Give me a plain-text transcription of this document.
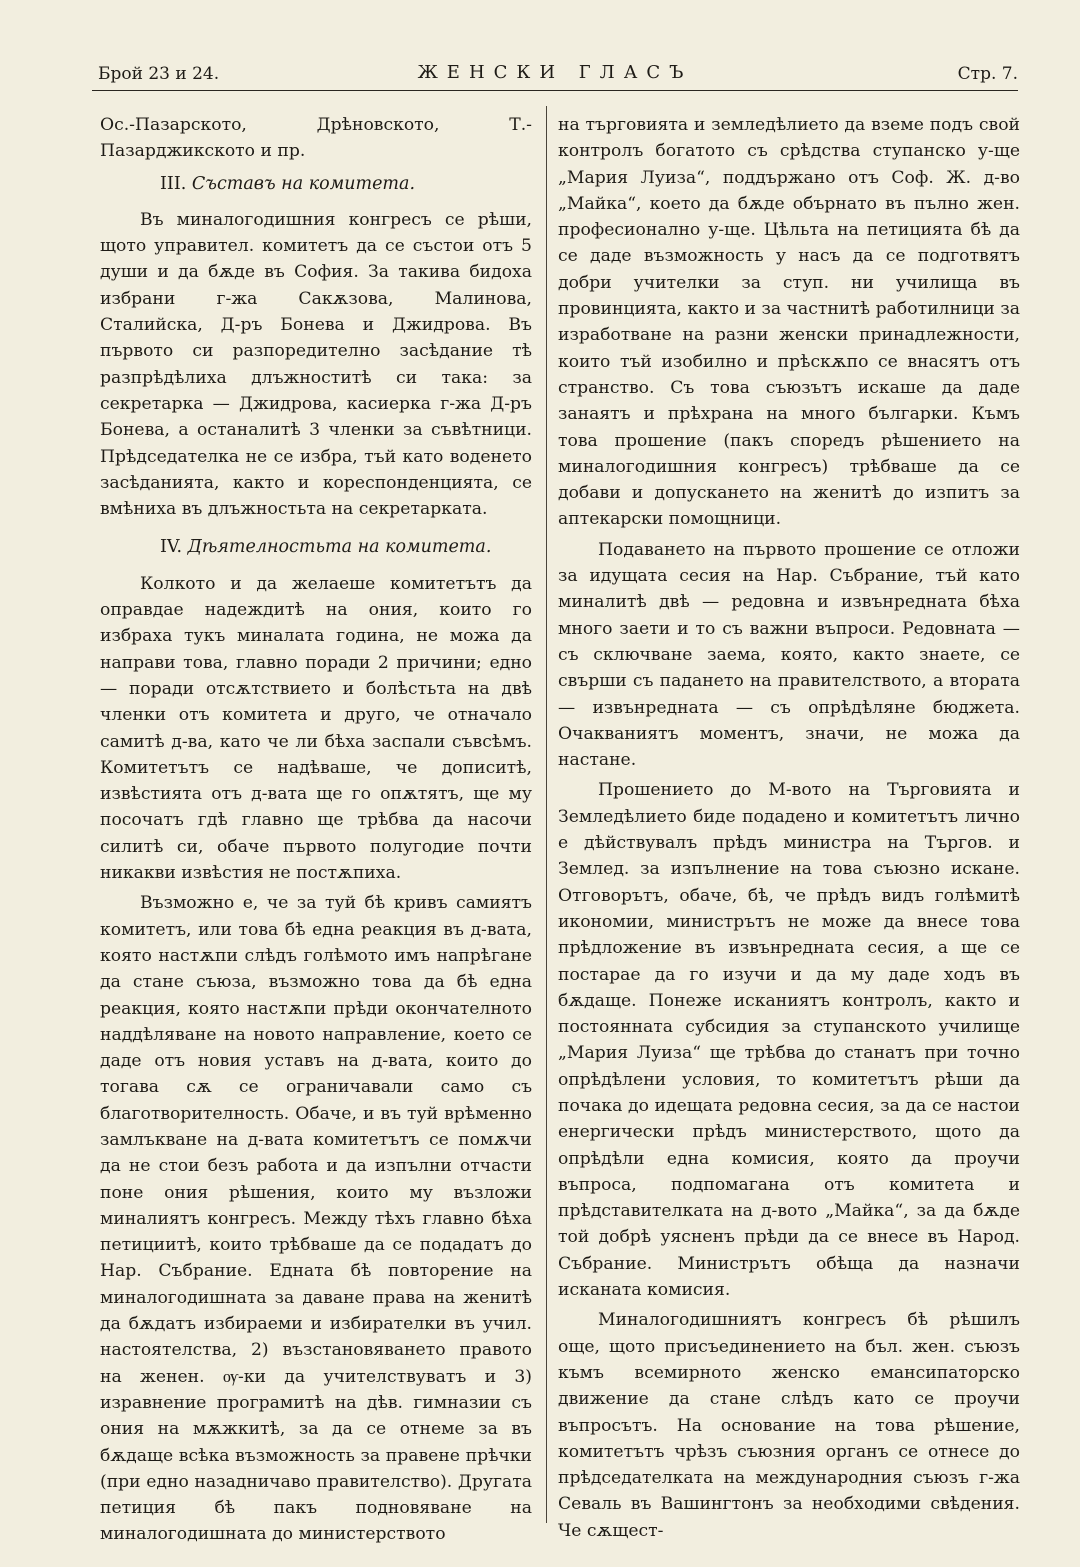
Брой 23 и 24.	ЖЕНСКИ ГЛАСЪ	Стр. 7.

Ос.-Пазарското, Дрѣновското, Т.-Пазарджикското и пр.

III. Съставъ на комитета.

Въ миналогодишния конгресъ се рѣши, щото управител. комитетъ да се състои отъ 5 души и да бѫде въ София. За такива бидоха избрани г-жа Сакѫзова, Малинова, Сталийска, Д-ръ Бонева и Джидрова. Въ първото си разпоредително засѣдание тѣ разпрѣдѣлиха длъжноститѣ си така: за секретарка — Джидрова, касиерка г-жа Д-ръ Бонева, а останалитѣ 3 членки за съвѣтници. Прѣдседателка не се избра, тъй като воденето засѣданията, както и кореспонденцията, се вмѣниха въ длъжностьта на секретарката.

IV. Дѣятелностьта на комитета.

Колкото и да желаеше комитетътъ да оправдае надеждитѣ на ония, които го избраха тукъ миналата година, не можа да направи това, главно поради 2 причини; едно — поради отсѫтствието и болѣстьта на двѣ членки отъ комитета и друго, че отначало самитѣ д-ва, като че ли бѣха заспали съвсѣмъ. Комитетътъ се надѣваше, че дописитѣ, извѣстията отъ д-вата ще го опѫтятъ, ще му посочатъ гдѣ главно ще трѣбва да насочи силитѣ си, обаче първото полугодие почти никакви извѣстия не постѫпиха.

Възможно е, че за туй бѣ кривъ самиятъ комитетъ, или това бѣ една реакция въ д-вата, която настѫпи слѣдъ голѣмото имъ напрѣгане да стане съюза, възможно това да бѣ една реакция, която настѫпи прѣди окончателното наддѣляване на новото направление, което се даде отъ новия уставъ на д-вата, които до тогава сѫ се ограничавали само съ благотворителность. Обаче, и въ туй врѣменно замлъкване на д-вата комитетътъ се помѫчи да не стои безъ работа и да изпълни отчасти поне ония рѣшения, които му възложи миналиятъ конгресъ. Между тѣхъ главно бѣха петициитѣ, които трѣбваше да се подадатъ до Нар. Събрание. Едната бѣ повторение на миналогодишната за даване права на женитѣ да бѫдатъ избираеми и избирателки въ учил. настоятелства, 2) възстановяването правото на женен. ѹ-ки да учителствуватъ и 3) изравнение програмитѣ на дѣв. гимназии съ ония на мѫжкитѣ, за да се отнеме за въ бѫдаще всѣка възможность за правене прѣчки (при едно назадничаво правителство). Другата петиция бѣ пакъ подновяване на миналогодишната до министерството

на търговията и земледѣлието да вземе подъ свой контролъ богатото съ срѣдства ступанско у-ще „Мария Луиза“, поддържано отъ Соф. Ж. д-во „Майка“, което да бѫде обърнато въ пълно жен. професионално у-ще. Цѣльта на петицията бѣ да се даде възможность у насъ да се подготвятъ добри учителки за ступ. ни училища въ провинцията, както и за частнитѣ работилници за изработване на разни женски принадлежности, които тъй изобилно и прѣскѫпо се внасятъ отъ странство. Съ това съюзътъ искаше да даде занаятъ и прѣхрана на много българки. Къмъ това прошение (пакъ споредъ рѣшението на миналогодишния конгресъ) трѣбваше да се добави и допускането на женитѣ до изпитъ за аптекарски помощници.

Подаването на първото прошение се отложи за идущата сесия на Нар. Събрание, тъй като миналитѣ двѣ — редовна и извънредната бѣха много заети и то съ важни въпроси. Редовната — съ сключване заема, която, както знаете, се свърши съ падането на правителството, а втората — извънредната — съ опрѣдѣляне бюджета. Очакваниятъ моментъ, значи, не можа да настане.

Прошението до М-вото на Търговията и Земледѣлието биде подадено и комитетътъ лично е дѣйствувалъ прѣдъ министра на Търгов. и Землед. за изпълнение на това съюзно искане. Отговорътъ, обаче, бѣ, че прѣдъ видъ голѣмитѣ икономии, министрътъ не може да внесе това прѣдложение въ извънредната сесия, а ще се постарае да го изучи и да му даде ходъ въ бѫдаще. Понеже исканиятъ контролъ, както и постоянната субсидия за ступанското училище „Мария Луиза“ ще трѣбва до станатъ при точно опрѣдѣлени условия, то комитетътъ рѣши да почака до идещата редовна сесия, за да се настои енергически прѣдъ министерството, щото да опрѣдѣли една комисия, която да проучи въпроса, подпомагана отъ комитета и прѣдставителката на д-вото „Майка“, за да бѫде той добрѣ уясненъ прѣди да се внесе въ Народ. Събрание. Министрътъ обѣща да назначи исканата комисия.

Миналогодишниятъ конгресъ бѣ рѣшилъ още, щото присъединението на бъл. жен. съюзъ къмъ всемирното женско емансипаторско движение да стане слѣдъ като се проучи въпросътъ. На основание на това рѣшение, комитетътъ чрѣзъ съюзния органъ се отнесе до прѣдседателката на международния съюзъ г-жа Севаль въ Вашингтонъ за необходими свѣдения. Че сѫщест-
